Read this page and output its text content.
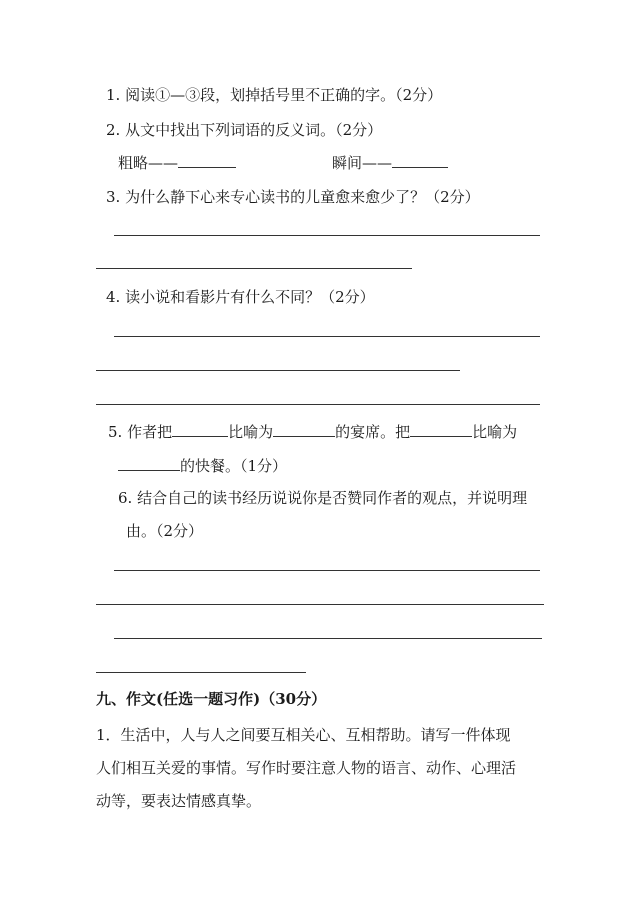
1. 阅读①—③段，划掉括号里不正确的字。（2分）
2. 从文中找出下列词语的反义词。（2分）
粗略——	瞬间——
3. 为什么静下心来专心读书的儿童愈来愈少了？（2分）
4. 读小说和看影片有什么不同？（2分）
5. 作者把	比喻为	的宴席。把	比喻为
的快餐。（1分）
6. 结合自己的读书经历说说你是否赞同作者的观点，并说明理
由。（2分）
九、作文(任选一题习作)（30分）
1．生活中，人与人之间要互相关心、互相帮助。请写一件体现
人们相互关爱的事情。写作时要注意人物的语言、动作、心理活
动等，要表达情感真挚。
